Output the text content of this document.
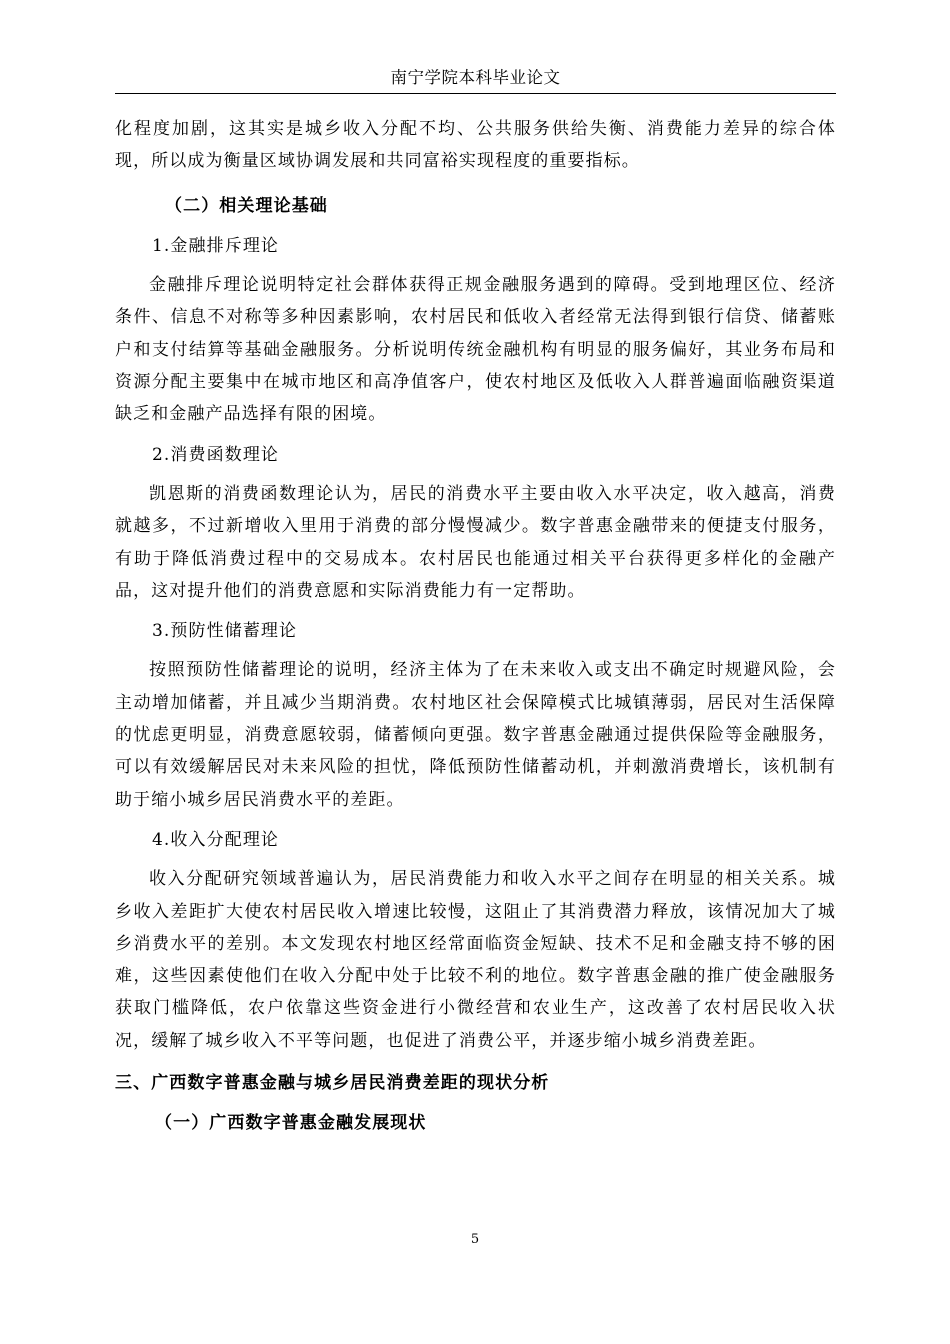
南宁学院本科毕业论文

化程度加剧，这其实是城乡收入分配不均、公共服务供给失衡、消费能力差异的综合体现，所以成为衡量区域协调发展和共同富裕实现程度的重要指标。

（二）相关理论基础

1.金融排斥理论

金融排斥理论说明特定社会群体获得正规金融服务遇到的障碍。受到地理区位、经济条件、信息不对称等多种因素影响，农村居民和低收入者经常无法得到银行信贷、储蓄账户和支付结算等基础金融服务。分析说明传统金融机构有明显的服务偏好，其业务布局和资源分配主要集中在城市地区和高净值客户，使农村地区及低收入人群普遍面临融资渠道缺乏和金融产品选择有限的困境。

2.消费函数理论

凯恩斯的消费函数理论认为，居民的消费水平主要由收入水平决定，收入越高，消费就越多，不过新增收入里用于消费的部分慢慢减少。数字普惠金融带来的便捷支付服务，有助于降低消费过程中的交易成本。农村居民也能通过相关平台获得更多样化的金融产品，这对提升他们的消费意愿和实际消费能力有一定帮助。

3.预防性储蓄理论

按照预防性储蓄理论的说明，经济主体为了在未来收入或支出不确定时规避风险，会主动增加储蓄，并且减少当期消费。农村地区社会保障模式比城镇薄弱，居民对生活保障的忧虑更明显，消费意愿较弱，储蓄倾向更强。数字普惠金融通过提供保险等金融服务，可以有效缓解居民对未来风险的担忧，降低预防性储蓄动机，并刺激消费增长，该机制有助于缩小城乡居民消费水平的差距。

4.收入分配理论

收入分配研究领域普遍认为，居民消费能力和收入水平之间存在明显的相关关系。城乡收入差距扩大使农村居民收入增速比较慢，这阻止了其消费潜力释放，该情况加大了城乡消费水平的差别。本文发现农村地区经常面临资金短缺、技术不足和金融支持不够的困难，这些因素使他们在收入分配中处于比较不利的地位。数字普惠金融的推广使金融服务获取门槛降低，农户依靠这些资金进行小微经营和农业生产，这改善了农村居民收入状况，缓解了城乡收入不平等问题，也促进了消费公平，并逐步缩小城乡消费差距。

三、广西数字普惠金融与城乡居民消费差距的现状分析

（一）广西数字普惠金融发展现状

5
